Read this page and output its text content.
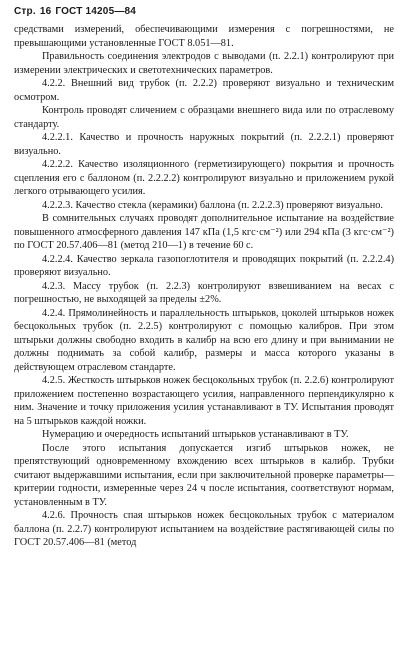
Стр. 16 ГОСТ 14205—84

средствами измерений, обеспечивающими измерения с погрешностями, не превышающими установленные ГОСТ 8.051—81.

Правильность соединения электродов с выводами (п. 2.2.1) контролируют при измерении электрических и светотехнических параметров.

4.2.2. Внешний вид трубок (п. 2.2.2) проверяют визуально и техническим осмотром.

Контроль проводят сличением с образцами внешнего вида или по отраслевому стандарту.

4.2.2.1. Качество и прочность наружных покрытий (п. 2.2.2.1) проверяют визуально.

4.2.2.2. Качество изоляционного (герметизирующего) покрытия и прочность сцепления его с баллоном (п. 2.2.2.2) контролируют визуально и приложением рукой легкого отрывающего усилия.

4.2.2.3. Качество стекла (керамики) баллона (п. 2.2.2.3) проверяют визуально.

В сомнительных случаях проводят дополнительное испытание на воздействие повышенного атмосферного давления 147 кПа (1,5 кгс·см⁻²) или 294 кПа (3 кгс·см⁻²) по ГОСТ 20.57.406—81 (метод 210—1) в течение 60 с.

4.2.2.4. Качество зеркала газопоглотителя и проводящих покрытий (п. 2.2.2.4) проверяют визуально.

4.2.3. Массу трубок (п. 2.2.3) контролируют взвешиванием на весах с погрешностью, не выходящей за пределы ±2%.

4.2.4. Прямолинейность и параллельность штырьков, цоколей штырьков ножек бесцокольных трубок (п. 2.2.5) контролируют с помощью калибров. При этом штырьки должны свободно входить в калибр на всю его длину и при вынимании не должны поднимать за собой калибр, размеры и масса которого указаны в действующем отраслевом стандарте.

4.2.5. Жесткость штырьков ножек бесцокольных трубок (п. 2.2.6) контролируют приложением постепенно возрастающего усилия, направленного перпендикулярно к ним. Значение и точку приложения усилия устанавливают в ТУ. Испытания проводят на 5 штырьков каждой ножки.

Нумерацию и очередность испытаний штырьков устанавливают в ТУ.

После этого испытания допускается изгиб штырьков ножек, не препятствующий одновременному вхождению всех штырьков в калибр. Трубки считают выдержавшими испытания, если при заключительной проверке параметры—критерии годности, измеренные через 24 ч после испытания, соответствуют нормам, установленным в ТУ.

4.2.6. Прочность спая штырьков ножек бесцокольных трубок с материалом баллона (п. 2.2.7) контролируют испытанием на воздействие растягивающей силы по ГОСТ 20.57.406—81 (метод
